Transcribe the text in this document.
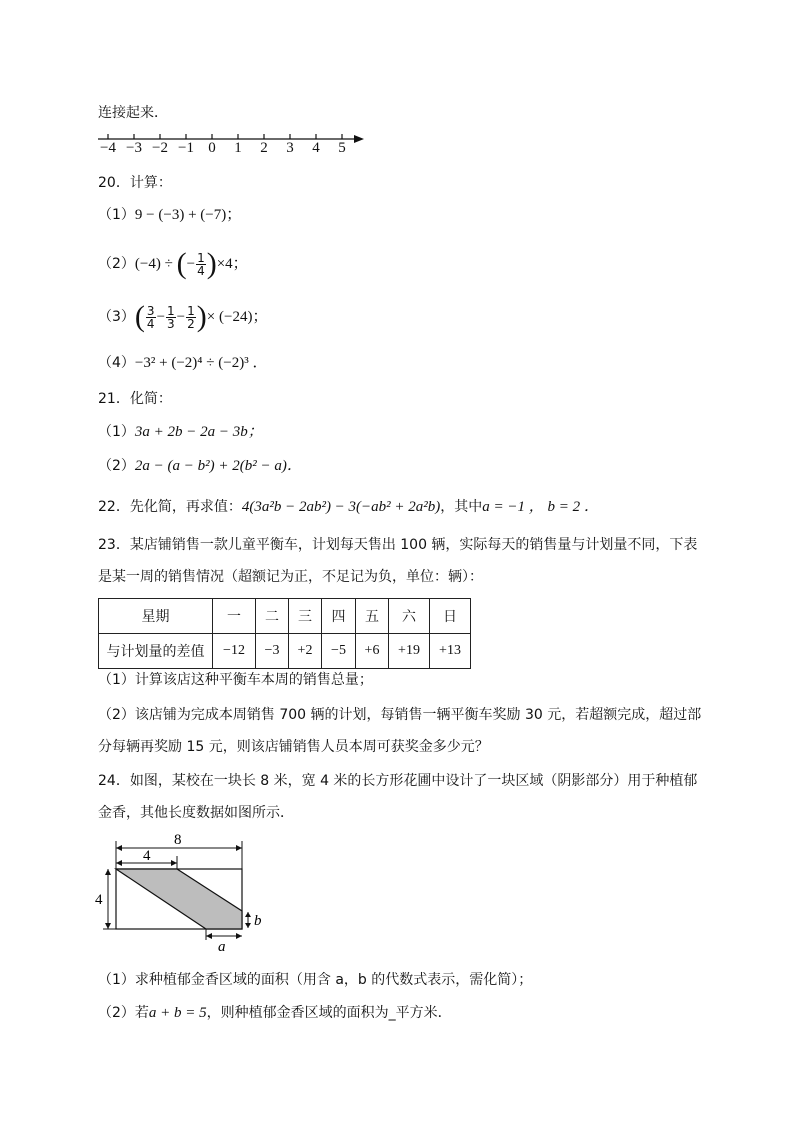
连接起来．
−4 −3 −2 −1 0	1	2	3	4	5
20．计算：
（1）9 − (−3) + (−7)；
（2）(−4) ÷ (− $\frac{1}{4} )\times 4$；
$(3)( \frac{3}{4} - \frac{1}{3} - \frac{1}{2}$ )× (−24)；
（4）−3² + (−2)⁴ ÷ (−2)³ ．
21．化简：
（1）3a + 2b − 2a − 3b；
（2）2a − (a − b²) + 2(b² − a)．
22．先化简，再求值：4(3a²b − 2ab²) − 3(−ab² + 2a²b)，其中a = −1 ， b = 2 ．
23．某店铺销售一款儿童平衡车，计划每天售出 100 辆，实际每天的销售量与计划量不同，下表
是某一周的销售情况（超额记为正，不足记为负，单位：辆）：
星期	一	二	三	四	五	六	日
与计划量的差值	−12	−3	+2	−5	+6	+19	+13
（1）计算该店这种平衡车本周的销售总量；
（2）该店铺为完成本周销售 700 辆的计划，每销售一辆平衡车奖励 30 元，若超额完成，超过部
分每辆再奖励 15 元，则该店铺销售人员本周可获奖金多少元？
24．如图，某校在一块长 8 米，宽 4 米的长方形花圃中设计了一块区域（阴影部分）用于种植郁
金香，其他长度数据如图所示．
8
4
4
b
a
（1）求种植郁金香区域的面积（用含 a，b 的代数式表示，需化简）；
（2）若a + b = 5，则种植郁金香区域的面积为_平方米．
